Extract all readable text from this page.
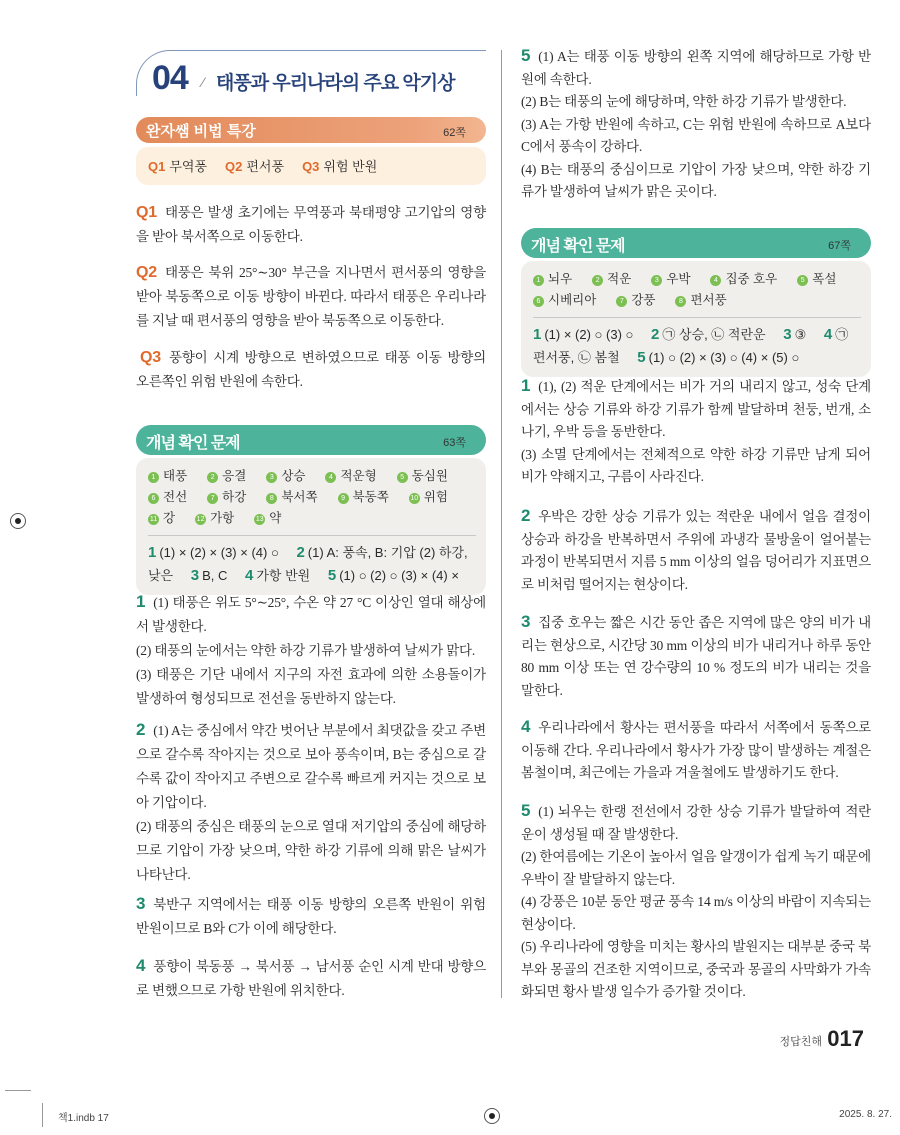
04 ⁄ 태풍과 우리나라의 주요 악기상
완자쌤 비법 특강	62쪽
Q1 무역풍 Q2 편서풍 Q3 위험 반원
Q1 태풍은 발생 초기에는 무역풍과 북태평양 고기압의 영향을 받아 북서쪽으로 이동한다.
Q2 태풍은 북위 25°∼30° 부근을 지나면서 편서풍의 영향을 받아 북동쪽으로 이동 방향이 바뀐다. 따라서 태풍은 우리나라를 지날 때 편서풍의 영향을 받아 북동쪽으로 이동한다.
Q3 풍향이 시계 방향으로 변하였으므로 태풍 이동 방향의 오른쪽인 위험 반원에 속한다.
개념 확인 문제	63쪽
1 태풍	2 응결	3 상승	4 적운형	5 동심원6 전선	7 하강	8 북서쪽	9 북동쪽	10 위험11 강	12 가항	13 약
1 (1) × (2) × (3) × (4) ○ 2 (1) A: 풍속, B: 기압 (2) 하강, 낮은 3 B, C 4 가항 반원 5 (1) ○ (2) ○ (3) × (4) ×
개념 확인 문제	67쪽
1 뇌우	2 적운	3 우박	4 집중 호우	5 폭설6 시베리아	7 강풍	8 편서풍
1 (1) × (2) ○ (3) ○ 2 ㉠ 상승, ㉡ 적란운 3 ③ 4 ㉠ 편서풍, ㉡ 봄철 5 (1) ○ (2) × (3) ○ (4) × (5) ○
1 (1) 태풍은 위도 5°∼25°, 수온 약 27 °C 이상인 열대 해상에서 발생한다.
(2) 태풍의 눈에서는 약한 하강 기류가 발생하여 날씨가 맑다.
(3) 태풍은 기단 내에서 지구의 자전 효과에 의한 소용돌이가 발생하여 형성되므로 전선을 동반하지 않는다.
2 (1) A는 중심에서 약간 벗어난 부분에서 최댓값을 갖고 주변으로 갈수록 작아지는 것으로 보아 풍속이며, B는 중심으로 갈수록 값이 작아지고 주변으로 갈수록 빠르게 커지는 것으로 보아 기압이다.
(2) 태풍의 중심은 태풍의 눈으로 열대 저기압의 중심에 해당하므로 기압이 가장 낮으며, 약한 하강 기류에 의해 맑은 날씨가 나타난다.
3 북반구 지역에서는 태풍 이동 방향의 오른쪽 반원이 위험 반원이므로 B와 C가 이에 해당한다.
4 풍향이 북동풍 → 북서풍 → 남서풍 순인 시계 반대 방향으로 변했으므로 가항 반원에 위치한다.
5 (1) A는 태풍 이동 방향의 왼쪽 지역에 해당하므로 가항 반원에 속한다.
(2) B는 태풍의 눈에 해당하며, 약한 하강 기류가 발생한다.
(3) A는 가항 반원에 속하고, C는 위험 반원에 속하므로 A보다 C에서 풍속이 강하다.
(4) B는 태풍의 중심이므로 기압이 가장 낮으며, 약한 하강 기류가 발생하여 날씨가 맑은 곳이다.
1 (1), (2) 적운 단계에서는 비가 거의 내리지 않고, 성숙 단계에서는 상승 기류와 하강 기류가 함께 발달하며 천둥, 번개, 소나기, 우박 등을 동반한다.
(3) 소멸 단계에서는 전체적으로 약한 하강 기류만 남게 되어 비가 약해지고, 구름이 사라진다.
2 우박은 강한 상승 기류가 있는 적란운 내에서 얼음 결정이 상승과 하강을 반복하면서 주위에 과냉각 물방울이 얼어붙는 과정이 반복되면서 지름 5 mm 이상의 얼음 덩어리가 지표면으로 비처럼 떨어지는 현상이다.
3 집중 호우는 짧은 시간 동안 좁은 지역에 많은 양의 비가 내리는 현상으로, 시간당 30 mm 이상의 비가 내리거나 하루 동안 80 mm 이상 또는 연 강수량의 10 % 정도의 비가 내리는 것을 말한다.
4 우리나라에서 황사는 편서풍을 따라서 서쪽에서 동쪽으로 이동해 간다. 우리나라에서 황사가 가장 많이 발생하는 계절은 봄철이며, 최근에는 가을과 겨울철에도 발생하기도 한다.
5 (1) 뇌우는 한랭 전선에서 강한 상승 기류가 발달하여 적란운이 생성될 때 잘 발생한다.
(2) 한여름에는 기온이 높아서 얼음 알갱이가 쉽게 녹기 때문에 우박이 잘 발달하지 않는다.
(4) 강풍은 10분 동안 평균 풍속 14 m/s 이상의 바람이 지속되는 현상이다.
(5) 우리나라에 영향을 미치는 황사의 발원지는 대부분 중국 북부와 몽골의 건조한 지역이므로, 중국과 몽골의 사막화가 가속화되면 황사 발생 일수가 증가할 것이다.
정답친해 017
책1.indb 17	2025. 8. 27.
